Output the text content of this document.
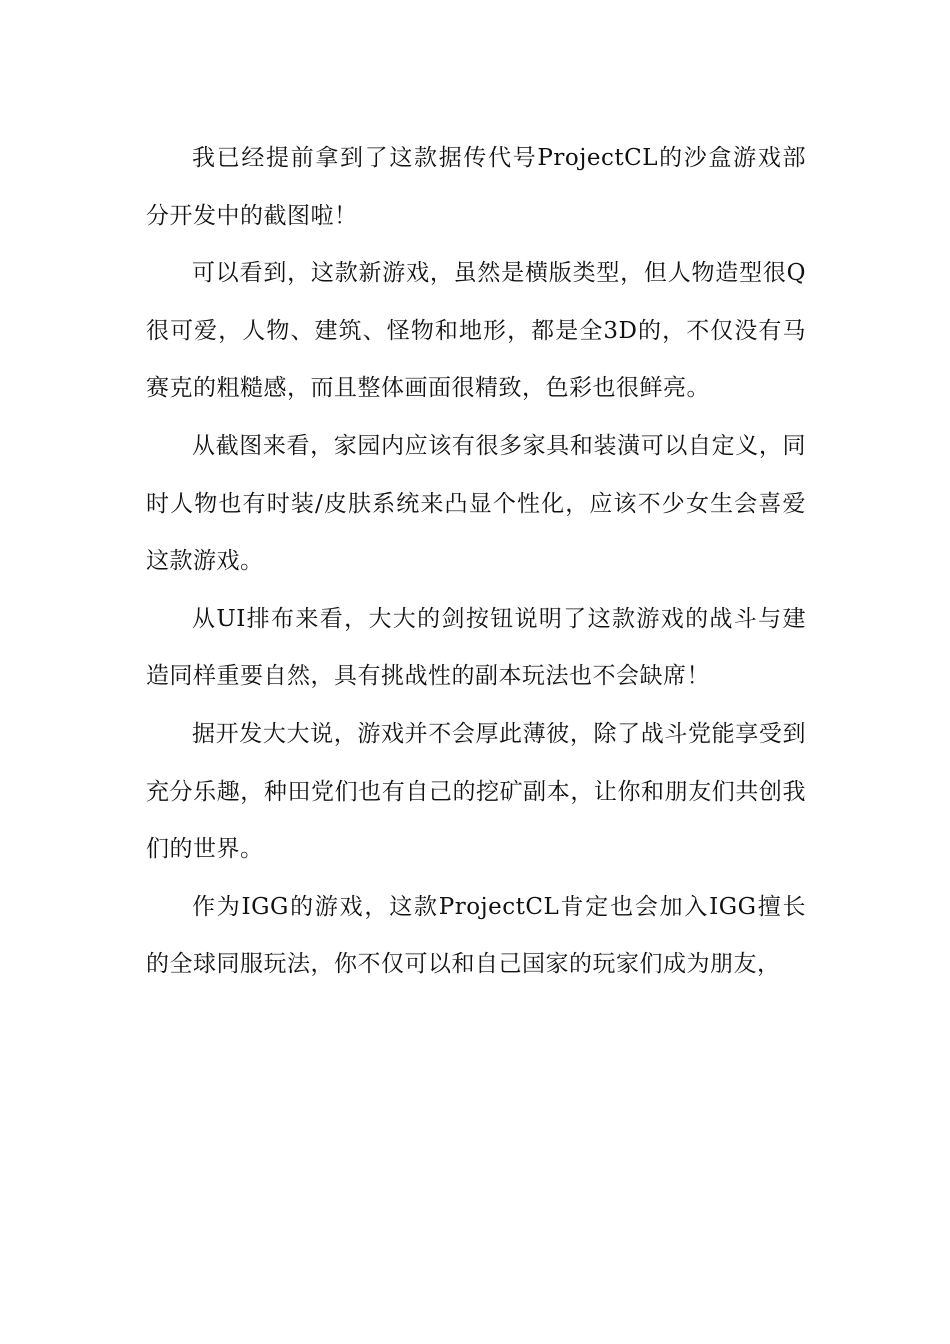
我已经提前拿到了这款据传代号ProjectCL的沙盒游戏部分开发中的截图啦！

可以看到，这款新游戏，虽然是横版类型，但人物造型很Q很可爱，人物、建筑、怪物和地形，都是全3D的，不仅没有马赛克的粗糙感，而且整体画面很精致，色彩也很鲜亮。

从截图来看，家园内应该有很多家具和装潢可以自定义，同时人物也有时装/皮肤系统来凸显个性化，应该不少女生会喜爱这款游戏。

从UI排布来看，大大的剑按钮说明了这款游戏的战斗与建造同样重要自然，具有挑战性的副本玩法也不会缺席！

据开发大大说，游戏并不会厚此薄彼，除了战斗党能享受到充分乐趣，种田党们也有自己的挖矿副本，让你和朋友们共创我们的世界。

作为IGG的游戏，这款ProjectCL肯定也会加入IGG擅长的全球同服玩法，你不仅可以和自己国家的玩家们成为朋友，
